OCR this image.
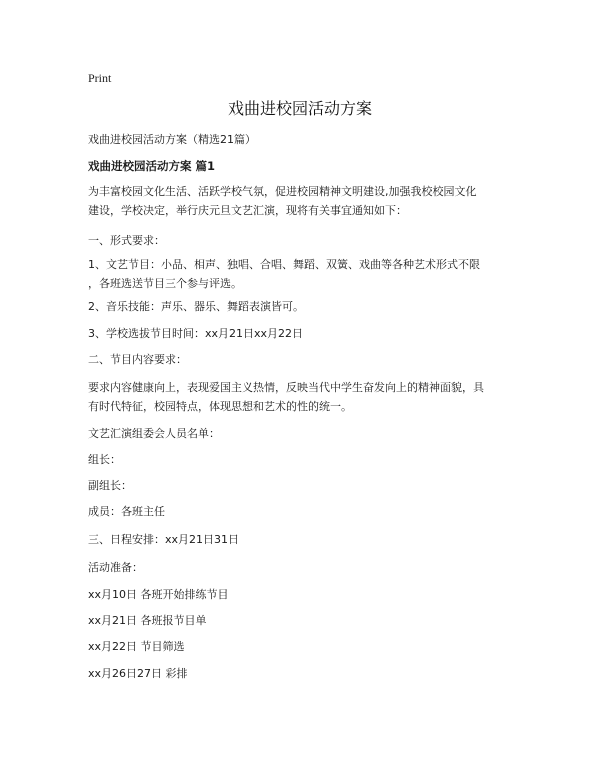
Print
戏曲进校园活动方案
戏曲进校园活动方案（精选21篇）
戏曲进校园活动方案 篇1
为丰富校园文化生活、活跃学校气氛，促进校园精神文明建设,加强我校校园文化
建设，学校决定，举行庆元旦文艺汇演，现将有关事宜通知如下：
一、形式要求：
1、文艺节目：小品、相声、独唱、合唱、舞蹈、双簧、戏曲等各种艺术形式不限
，各班选送节目三个参与评选。
2、音乐技能：声乐、器乐、舞蹈表演皆可。
3、学校选拔节目时间：xx月21日xx月22日
二、节目内容要求：
要求内容健康向上，表现爱国主义热情，反映当代中学生奋发向上的精神面貌，具
有时代特征，校园特点，体现思想和艺术的性的统一。
文艺汇演组委会人员名单：
组长：
副组长：
成员：各班主任
三、日程安排：xx月21日31日
活动准备：
xx月10日 各班开始排练节目
xx月21日 各班报节目单
xx月22日 节目筛选
xx月26日27日 彩排
